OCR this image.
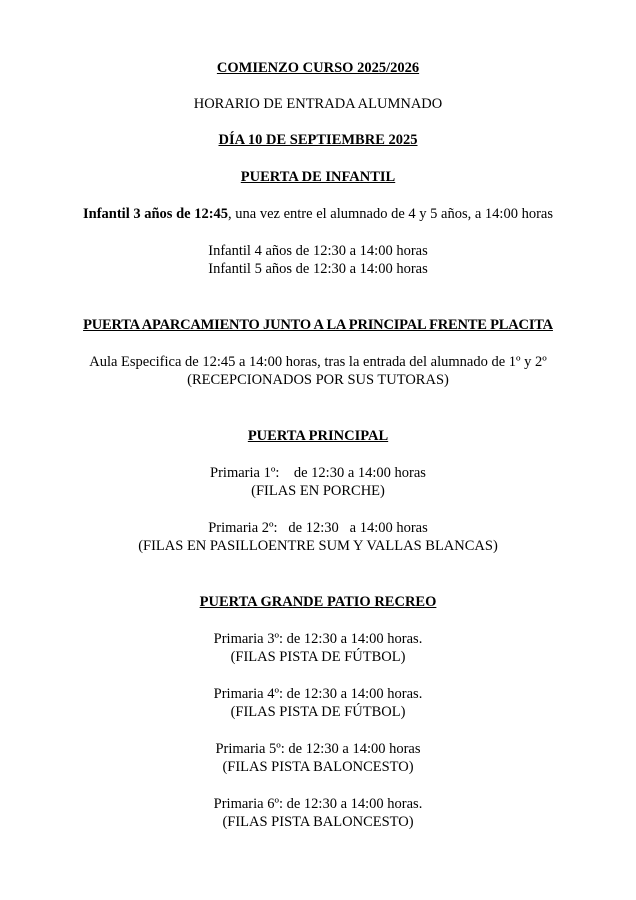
COMIENZO CURSO 2025/2026
HORARIO DE ENTRADA ALUMNADO
DÍA 10 DE SEPTIEMBRE 2025
PUERTA DE INFANTIL
Infantil 3 años de 12:45, una vez entre el alumnado de 4 y 5 años, a 14:00 horas
Infantil 4 años de 12:30 a 14:00 horas
Infantil 5 años de 12:30 a 14:00 horas
PUERTA APARCAMIENTO JUNTO A LA PRINCIPAL FRENTE PLACITA
Aula Especifica de 12:45 a 14:00 horas, tras la entrada del alumnado de 1º y 2º
(RECEPCIONADOS POR SUS TUTORAS)
PUERTA PRINCIPAL
Primaria 1º:    de 12:30 a 14:00 horas
(FILAS EN PORCHE)
Primaria 2º:   de 12:30   a 14:00 horas
(FILAS EN PASILLOENTRE SUM Y VALLAS BLANCAS)
PUERTA GRANDE PATIO RECREO
Primaria 3º: de 12:30 a 14:00 horas.
(FILAS PISTA DE FÚTBOL)
Primaria 4º: de 12:30 a 14:00 horas.
(FILAS PISTA DE FÚTBOL)
Primaria 5º: de 12:30 a 14:00 horas
(FILAS PISTA BALONCESTO)
Primaria 6º: de 12:30 a 14:00 horas.
(FILAS PISTA BALONCESTO)
